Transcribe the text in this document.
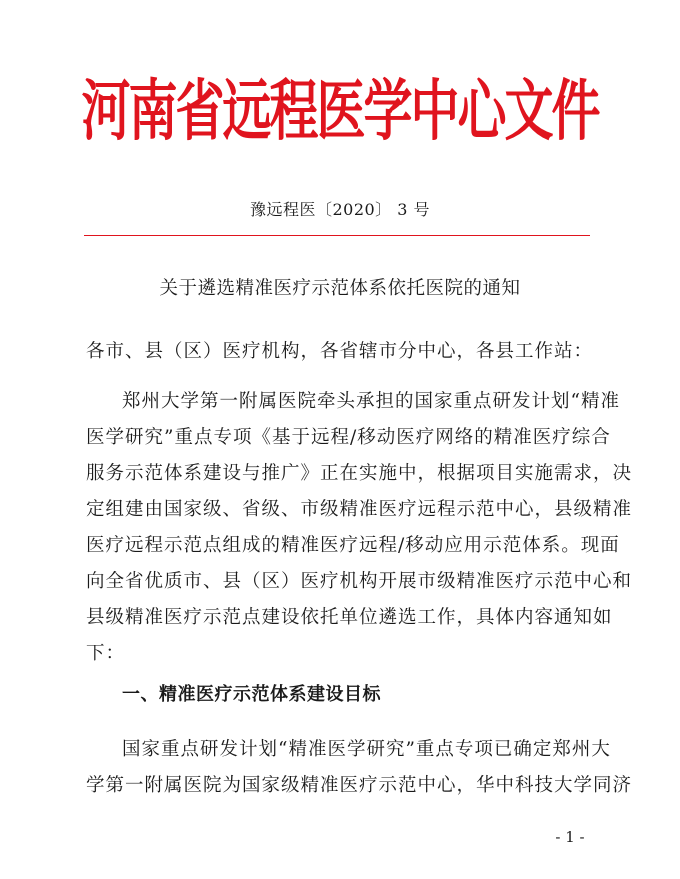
河南省远程医学中心文件
豫远程医〔2020〕 3 号
关于遴选精准医疗示范体系依托医院的通知
各市、县（区）医疗机构，各省辖市分中心，各县工作站：
郑州大学第一附属医院牵头承担的国家重点研发计划“精准
医学研究”重点专项《基于远程/移动医疗网络的精准医疗综合
服务示范体系建设与推广》正在实施中，根据项目实施需求，决
定组建由国家级、省级、市级精准医疗远程示范中心，县级精准
医疗远程示范点组成的精准医疗远程/移动应用示范体系。现面
向全省优质市、县（区）医疗机构开展市级精准医疗示范中心和
县级精准医疗示范点建设依托单位遴选工作，具体内容通知如
下：
一、精准医疗示范体系建设目标
国家重点研发计划“精准医学研究”重点专项已确定郑州大
学第一附属医院为国家级精准医疗示范中心，华中科技大学同济
- 1 -
